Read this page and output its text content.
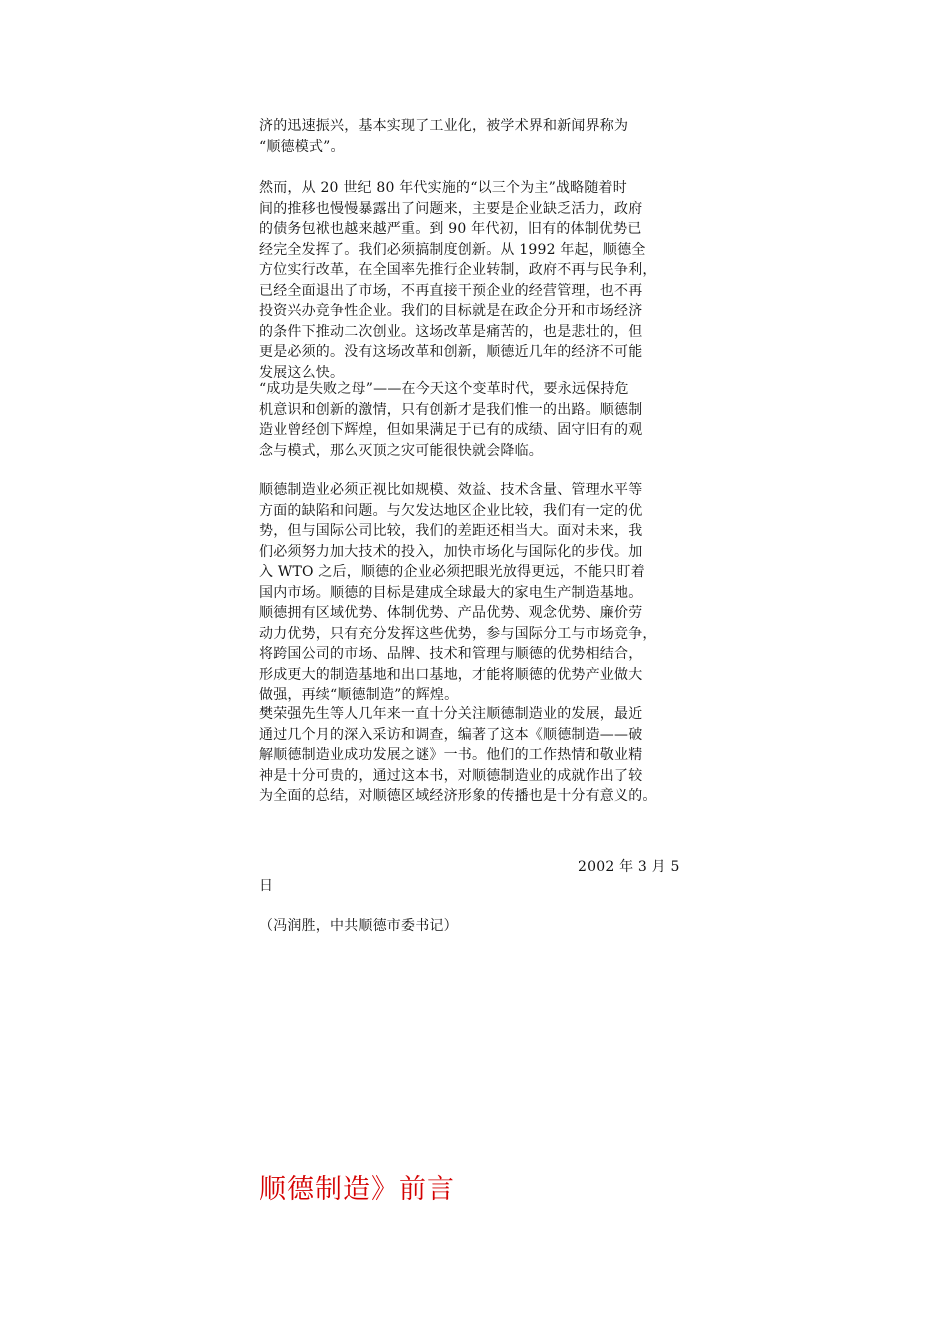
济的迅速振兴，基本实现了工业化，被学术界和新闻界称为
“顺德模式”。

然而，从 20 世纪 80 年代实施的“以三个为主”战略随着时
间的推移也慢慢暴露出了问题来，主要是企业缺乏活力，政府
的债务包袱也越来越严重。到 90 年代初，旧有的体制优势已
经完全发挥了。我们必须搞制度创新。从 1992 年起，顺德全
方位实行改革，在全国率先推行企业转制，政府不再与民争利，
已经全面退出了市场，不再直接干预企业的经营管理，也不再
投资兴办竞争性企业。我们的目标就是在政企分开和市场经济
的条件下推动二次创业。这场改革是痛苦的，也是悲壮的，但
更是必须的。没有这场改革和创新，顺德近几年的经济不可能
发展这么快。

“成功是失败之母”——在今天这个变革时代，要永远保持危
机意识和创新的激情，只有创新才是我们惟一的出路。顺德制
造业曾经创下辉煌，但如果满足于已有的成绩、固守旧有的观
念与模式，那么灭顶之灾可能很快就会降临。

顺德制造业必须正视比如规模、效益、技术含量、管理水平等
方面的缺陷和问题。与欠发达地区企业比较，我们有一定的优
势，但与国际公司比较，我们的差距还相当大。面对未来，我
们必须努力加大技术的投入，加快市场化与国际化的步伐。加
入 WTO 之后，顺德的企业必须把眼光放得更远，不能只盯着
国内市场。顺德的目标是建成全球最大的家电生产制造基地。
顺德拥有区域优势、体制优势、产品优势、观念优势、廉价劳
动力优势，只有充分发挥这些优势，参与国际分工与市场竞争，
将跨国公司的市场、品牌、技术和管理与顺德的优势相结合，
形成更大的制造基地和出口基地，才能将顺德的优势产业做大
做强，再续“顺德制造”的辉煌。

樊荣强先生等人几年来一直十分关注顺德制造业的发展，最近
通过几个月的深入采访和调查，编著了这本《顺德制造——破
解顺德制造业成功发展之谜》一书。他们的工作热情和敬业精
神是十分可贵的，通过这本书，对顺德制造业的成就作出了较
为全面的总结，对顺德区域经济形象的传播也是十分有意义的。

2002 年 3 月 5

日

（冯润胜，中共顺德市委书记）

顺德制造》前言
